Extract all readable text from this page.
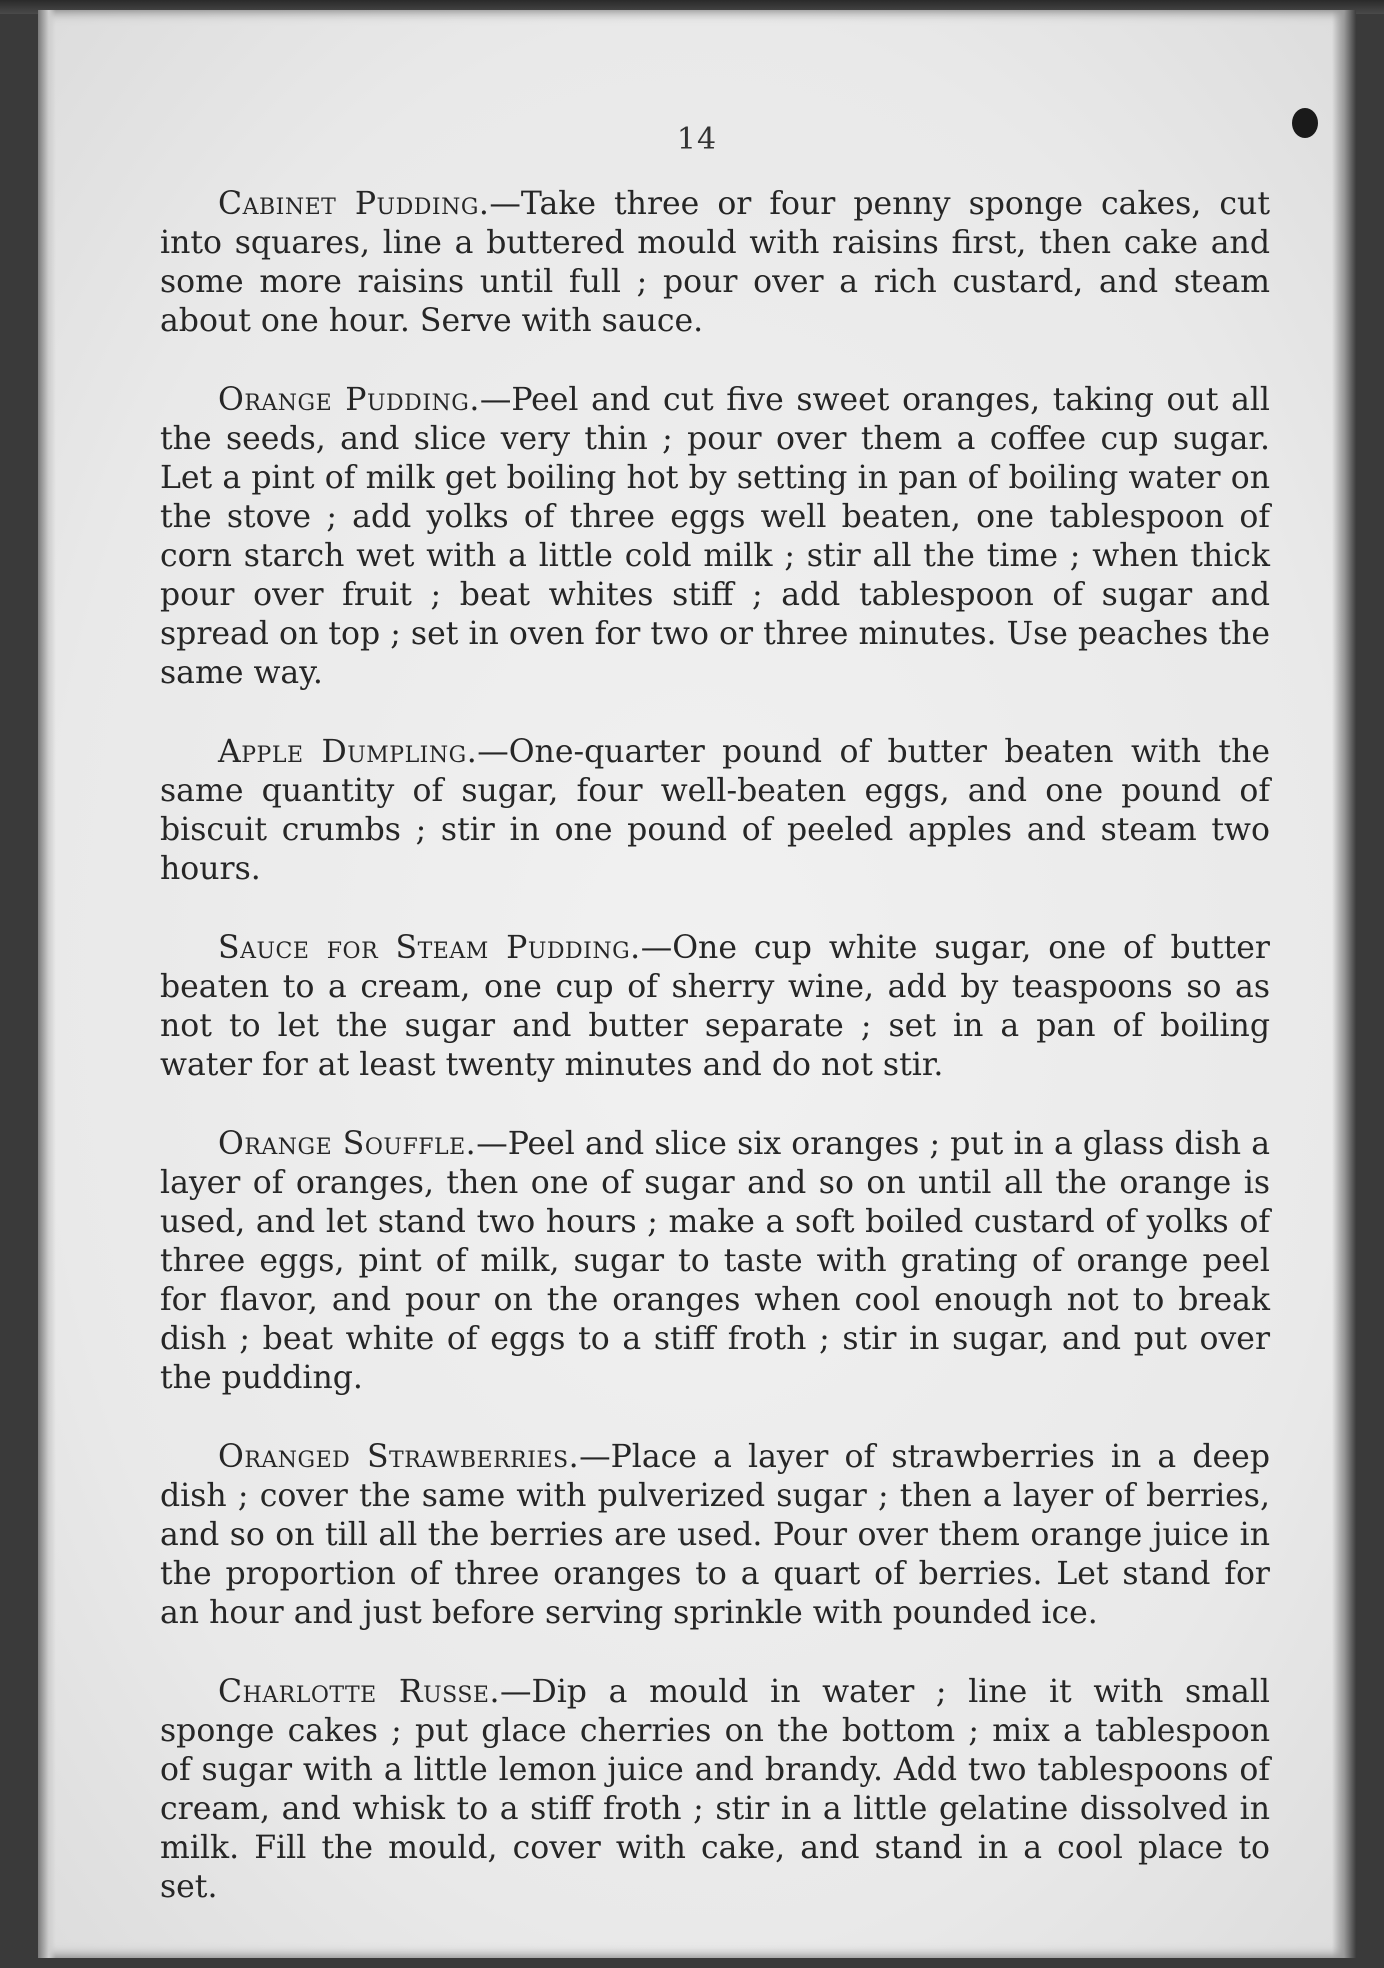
14

Cabinet Pudding.—Take three or four penny sponge cakes, cut into squares, line a buttered mould with raisins first, then cake and some more raisins until full ; pour over a rich custard, and steam about one hour. Serve with sauce.

Orange Pudding.—Peel and cut five sweet oranges, taking out all the seeds, and slice very thin ; pour over them a coffee cup sugar. Let a pint of milk get boiling hot by setting in pan of boiling water on the stove ; add yolks of three eggs well beaten, one tablespoon of corn starch wet with a little cold milk ; stir all the time ; when thick pour over fruit ; beat whites stiff ; add tablespoon of sugar and spread on top ; set in oven for two or three minutes. Use peaches the same way.

Apple Dumpling.—One-quarter pound of butter beaten with the same quantity of sugar, four well-beaten eggs, and one pound of biscuit crumbs ; stir in one pound of peeled apples and steam two hours.

Sauce for Steam Pudding.—One cup white sugar, one of butter beaten to a cream, one cup of sherry wine, add by teaspoons so as not to let the sugar and butter separate ; set in a pan of boiling water for at least twenty minutes and do not stir.

Orange Souffle.—Peel and slice six oranges ; put in a glass dish a layer of oranges, then one of sugar and so on until all the orange is used, and let stand two hours ; make a soft boiled custard of yolks of three eggs, pint of milk, sugar to taste with grating of orange peel for flavor, and pour on the oranges when cool enough not to break dish ; beat white of eggs to a stiff froth ; stir in sugar, and put over the pudding.

Oranged Strawberries.—Place a layer of strawberries in a deep dish ; cover the same with pulverized sugar ; then a layer of berries, and so on till all the berries are used. Pour over them orange juice in the proportion of three oranges to a quart of berries. Let stand for an hour and just before serving sprinkle with pounded ice.

Charlotte Russe.—Dip a mould in water ; line it with small sponge cakes ; put glace cherries on the bottom ; mix a tablespoon of sugar with a little lemon juice and brandy. Add two tablespoons of cream, and whisk to a stiff froth ; stir in a little gelatine dissolved in milk. Fill the mould, cover with cake, and stand in a cool place to set.
